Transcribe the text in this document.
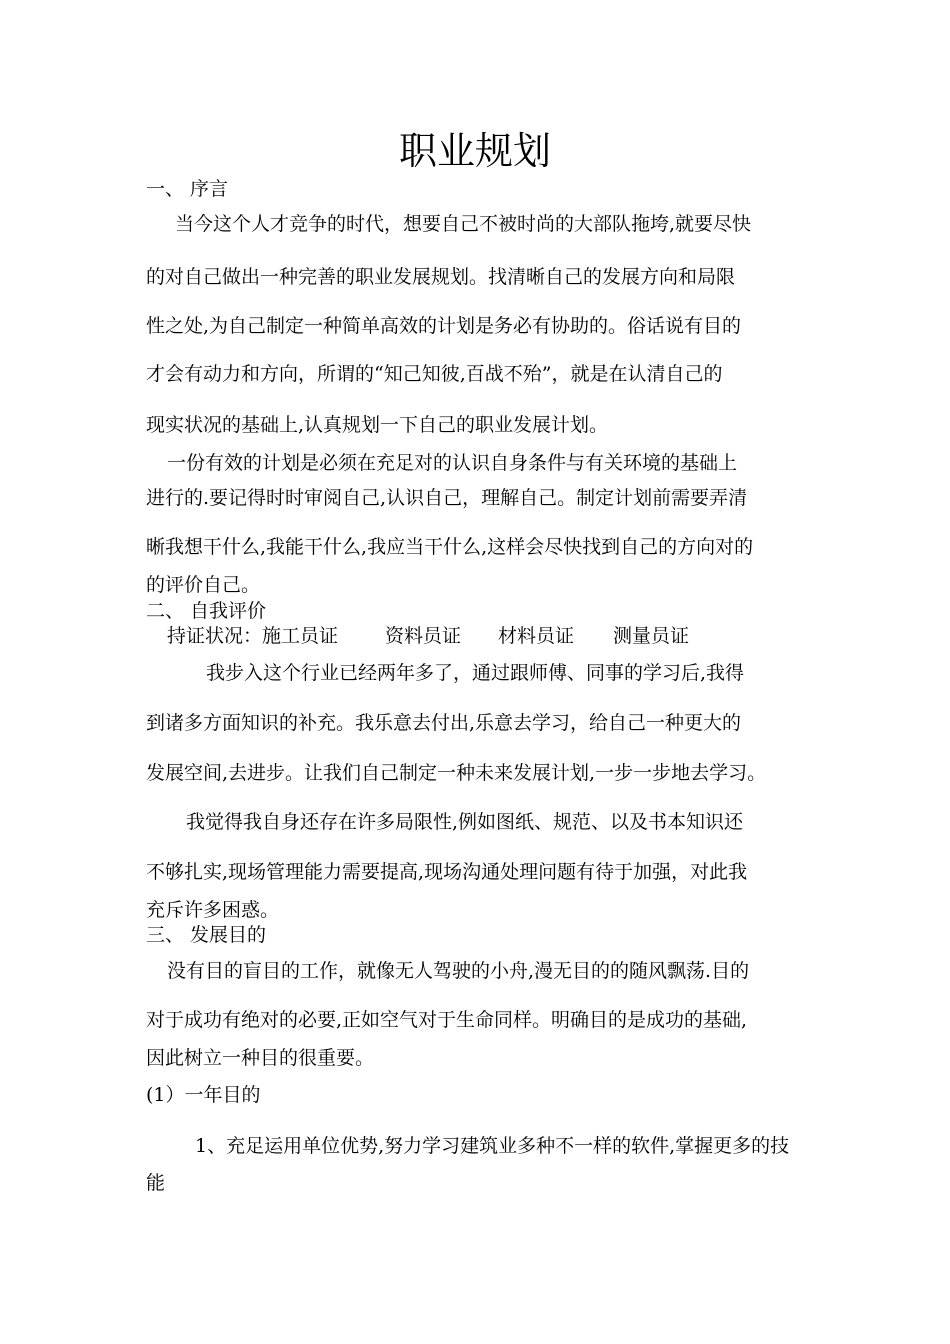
职业规划
一、 序言
当今这个人才竞争的时代，想要自己不被时尚的大部队拖垮,就要尽快
的对自己做出一种完善的职业发展规划。找清晰自己的发展方向和局限
性之处,为自己制定一种简单高效的计划是务必有协助的。俗话说有目的
才会有动力和方向，所谓的“知己知彼,百战不殆”，就是在认清自己的
现实状况的基础上,认真规划一下自己的职业发展计划。
一份有效的计划是必须在充足对的认识自身条件与有关环境的基础上
进行的.要记得时时审阅自己,认识自己，理解自己。制定计划前需要弄清
晰我想干什么,我能干什么,我应当干什么,这样会尽快找到自己的方向对的
的评价自己。
二、 自我评价
持证状况： 施工员证 资料员证 材料员证 测量员证
我步入这个行业已经两年多了，通过跟师傅、同事的学习后,我得
到诸多方面知识的补充。我乐意去付出,乐意去学习，给自己一种更大的
发展空间,去进步。让我们自己制定一种未来发展计划,一步一步地去学习。
我觉得我自身还存在许多局限性,例如图纸、规范、以及书本知识还
不够扎实,现场管理能力需要提高,现场沟通处理问题有待于加强，对此我
充斥许多困惑。
三、 发展目的
没有目的盲目的工作，就像无人驾驶的小舟,漫无目的的随风飘荡.目的
对于成功有绝对的必要,正如空气对于生命同样。明确目的是成功的基础,
因此树立一种目的很重要。
(1）一年目的
1、充足运用单位优势,努力学习建筑业多种不一样的软件,掌握更多的技
能
